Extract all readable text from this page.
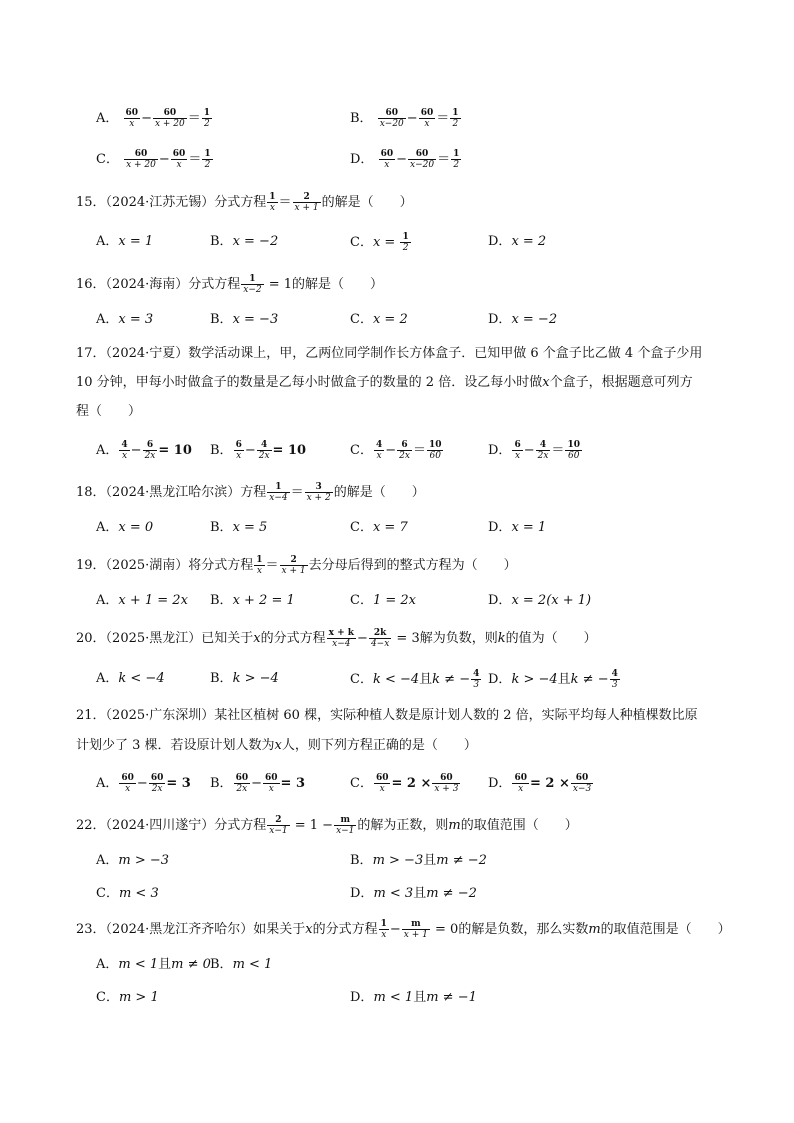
A． $\frac{60}{x} - \frac{60}{x + 20} = \frac{1}{2}$	B． $\frac{60}{x-20} - \frac{60}{x} = \frac{1}{2}$
C． $\frac{60}{x + 20} - \frac{60}{x} = \frac{1}{2}$	D． $\frac{60}{x} - \frac{60}{x-20} = \frac{1}{2}$
15．（2024·江苏无锡）分式方程 $\frac{1}{x} = \frac{2}{x + 1}$ 的解是（　　）
A．x = 1	B．x = −2	C．$x = \frac{1}{2}$	D．x = 2
16．（2024·海南）分式方程 $\frac{1}{x-2} = 1$的解是（　　）
A．x = 3	B．x = −3	C．x = 2	D．x = −2
17．（2024·宁夏）数学活动课上，甲，乙两位同学制作长方体盒子．已知甲做 6 个盒子比乙做 4 个盒子少用
10 分钟，甲每小时做盒子的数量是乙每小时做盒子的数量的 2 倍．设乙每小时做x个盒子，根据题意可列方
程（　　）
A． $\frac{4}{x} - \frac{6}{2x} = 10$ B． $\frac{6}{x} - \frac{4}{2x} = 10$	C． $\frac{4}{x} - \frac{6}{2x} = \frac{10}{60}$	D． $\frac{6}{x} - \frac{4}{2x} = \frac{10}{60}$
18．（2024·黑龙江哈尔滨）方程 $\frac{1}{x-4} = \frac{3}{x + 2}$ 的解是（　　）
A．x = 0	B．x = 5	C．x = 7	D．x = 1
19．（2025·湖南）将分式方程 $\frac{1}{x} = \frac{2}{x + 1}$ 去分母后得到的整式方程为（　　）
A．x + 1 = 2x B．x + 2 = 1	C．1 = 2x	D．x = 2(x + 1)
20．（2025·黑龙江）已知关于x的分式方程 $\frac{x + k}{x-4} - \frac{2k}{4-x} = 3$解为负数，则k的值为（　　）
A．k < −4	B．k > −4	C．k < −4且k ≠ − $\frac{4}{3}$ D．k > −4且k ≠ − $\frac{4}{3}$
21．（2025·广东深圳）某社区植树 60 棵，实际种植人数是原计划人数的 2 倍，实际平均每人种植棵数比原
计划少了 3 棵．若设原计划人数为x人，则下列方程正确的是（　　）
A． $\frac{60}{x} - \frac{60}{2x} = 3$ B． $\frac{60}{2x} - \frac{60}{x} = 3$	C． $\frac{60}{x} = 2 \times \frac{60}{x + 3}$ D． $\frac{60}{x} = 2 \times \frac{60}{x-3}$
22．（2024·四川遂宁）分式方程 $\frac{2}{x-1} = 1 - \frac{m}{x-1}$ 的解为正数，则m的取值范围（　　）
A．m > −3	B．m > −3且m ≠ −2
C．m < 3	D．m < 3且m ≠ −2
23．（2024·黑龙江齐齐哈尔）如果关于x的分式方程 $\frac{1}{x} - \frac{m}{x + 1} = 0$的解是负数，那么实数m的取值范围是（　　）
A．m < 1且m ≠ 0 B．m < 1
C．m > 1	D．m < 1且m ≠ −1
